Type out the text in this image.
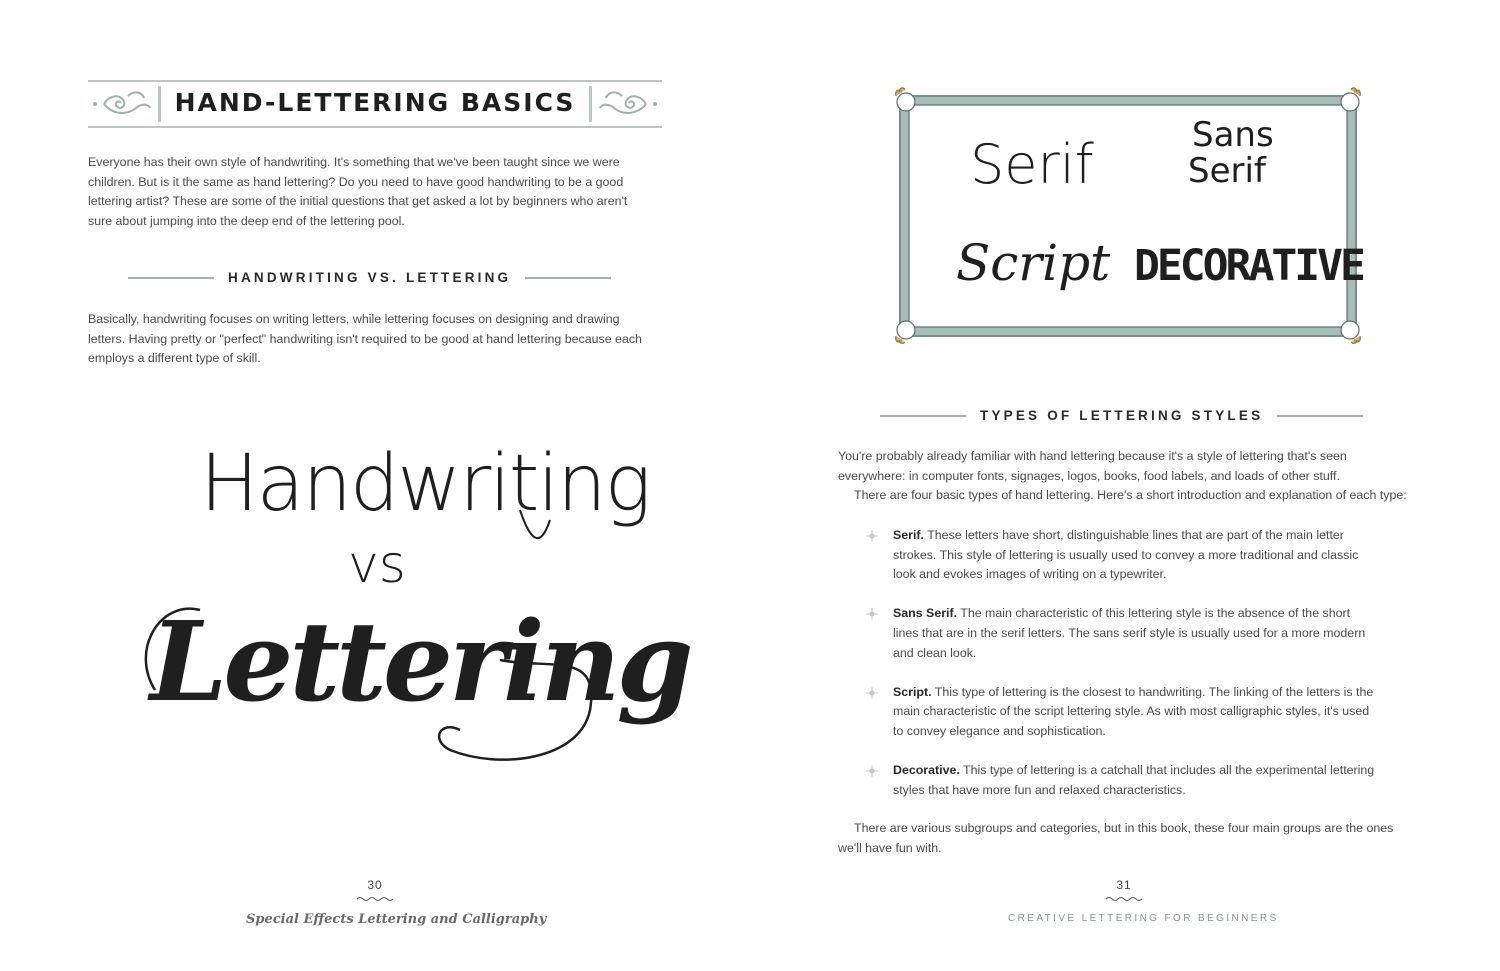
HAND-LETTERING BASICS

Everyone has their own style of handwriting. It's something that we've been taught since we were children. But is it the same as hand lettering? Do you need to have good handwriting to be a good lettering artist? These are some of the initial questions that get asked a lot by beginners who aren't sure about jumping into the deep end of the lettering pool.

HANDWRITING VS. LETTERING

Basically, handwriting focuses on writing letters, while lettering focuses on designing and drawing letters. Having pretty or "perfect" handwriting isn't required to be good at hand lettering because each employs a different type of skill.

Handwriting
vs
Lettering
30
Special Effects Lettering and Calligraphy
Serif	Sans
Serif
Script DECORATIVE
TYPES OF LETTERING STYLES

You're probably already familiar with hand lettering because it's a style of lettering that's seen everywhere: in computer fonts, signages, logos, books, food labels, and loads of other stuff.

There are four basic types of hand lettering. Here's a short introduction and explanation of each type:

Serif. These letters have short, distinguishable lines that are part of the main letter strokes. This style of lettering is usually used to convey a more traditional and classic look and evokes images of writing on a typewriter.
Sans Serif. The main characteristic of this lettering style is the absence of the short lines that are in the serif letters. The sans serif style is usually used for a more modern and clean look.
Script. This type of lettering is the closest to handwriting. The linking of the letters is the main characteristic of the script lettering style. As with most calligraphic styles, it's used to convey elegance and sophistication.
Decorative. This type of lettering is a catchall that includes all the experimental lettering styles that have more fun and relaxed characteristics.

There are various subgroups and categories, but in this book, these four main groups are the ones we'll have fun with.

31
CREATIVE LETTERING FOR BEGINNERS
